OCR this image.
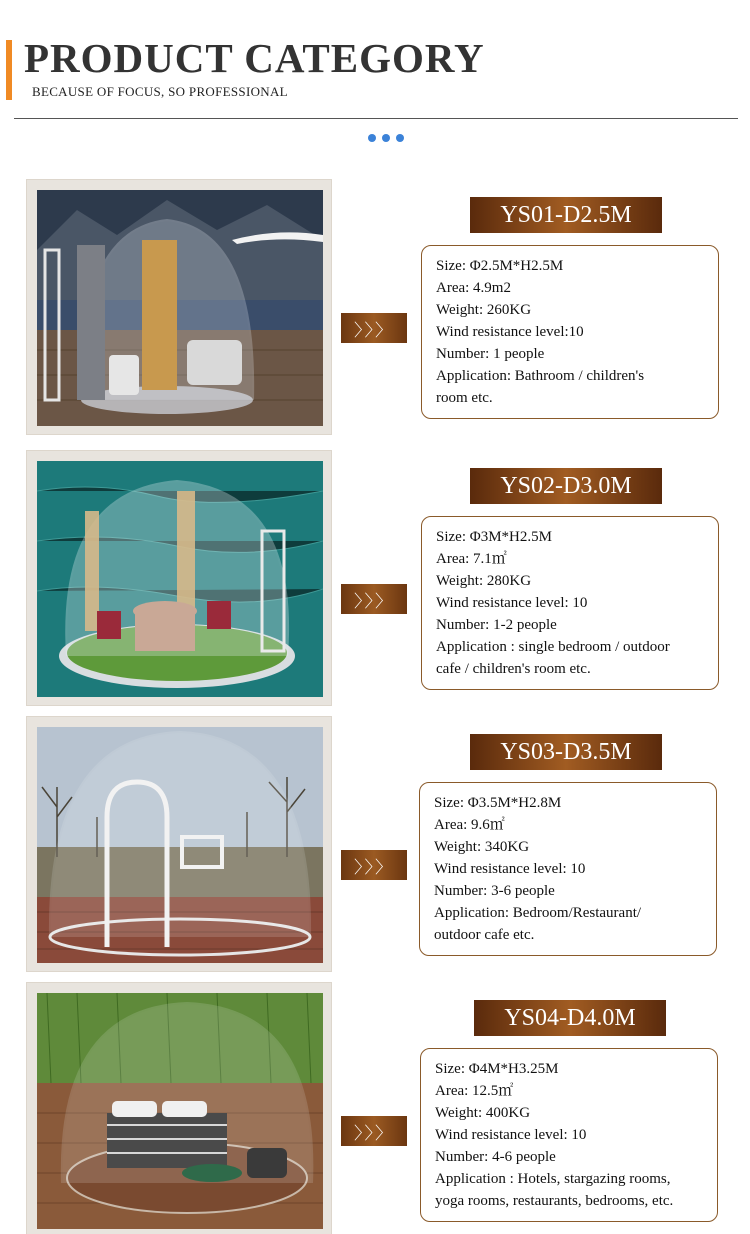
PRODUCT CATEGORY
BECAUSE OF FOCUS, SO PROFESSIONAL
〉〉〉
YS01-D2.5M
Size: Φ2.5M*H2.5M
Area: 4.9m2
Weight: 260KG
Wind resistance level:10
Number: 1 people
Application: Bathroom / children's
room etc.
〉〉〉
YS02-D3.0M
Size: Φ3M*H2.5M
Area: 7.1㎡
Weight: 280KG
Wind resistance level: 10
Number: 1-2 people
Application : single bedroom / outdoor
cafe / children's room etc.
〉〉〉
YS03-D3.5M
Size: Φ3.5M*H2.8M
Area: 9.6㎡
Weight: 340KG
Wind resistance level: 10
Number: 3-6 people
Application: Bedroom/Restaurant/
outdoor cafe etc.
〉〉〉
YS04-D4.0M
Size: Φ4M*H3.25M
Area: 12.5㎡
Weight: 400KG
Wind resistance level: 10
Number: 4-6 people
Application : Hotels, stargazing rooms,
yoga rooms, restaurants, bedrooms, etc.
